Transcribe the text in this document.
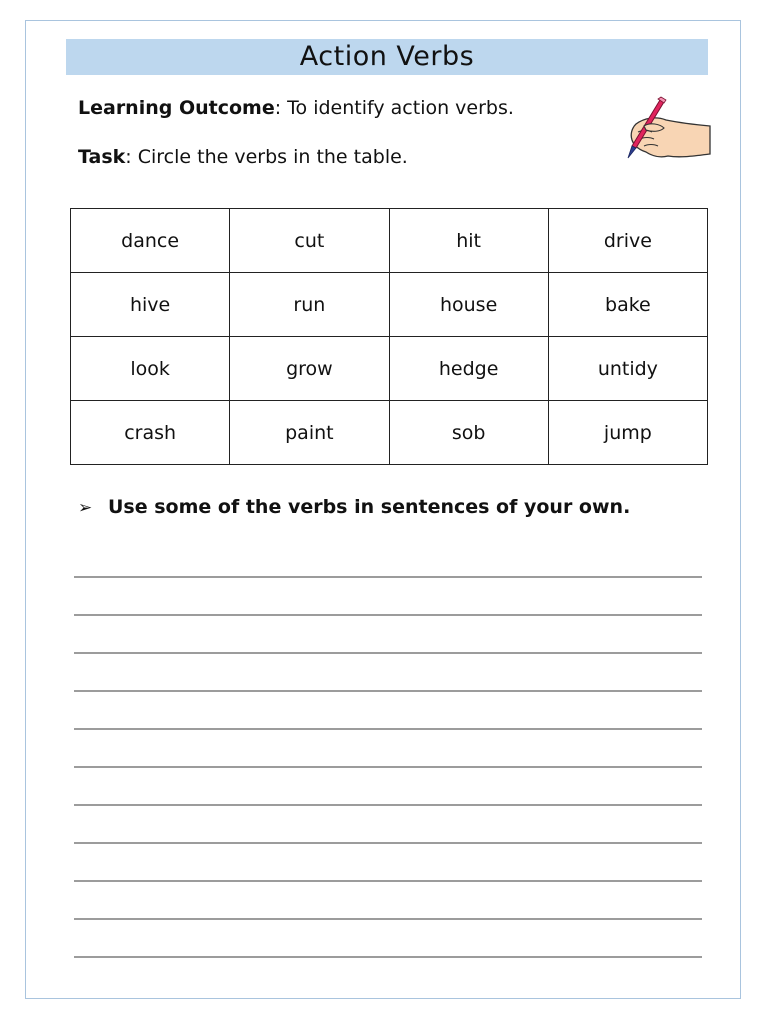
Action Verbs
Learning Outcome: To identify action verbs.
Task: Circle the verbs in the table.
dance	cut	hit	drive
hive	run	house	bake
look	grow	hedge	untidy
crash	paint	sob	jump
➢ Use some of the verbs in sentences of your own.
